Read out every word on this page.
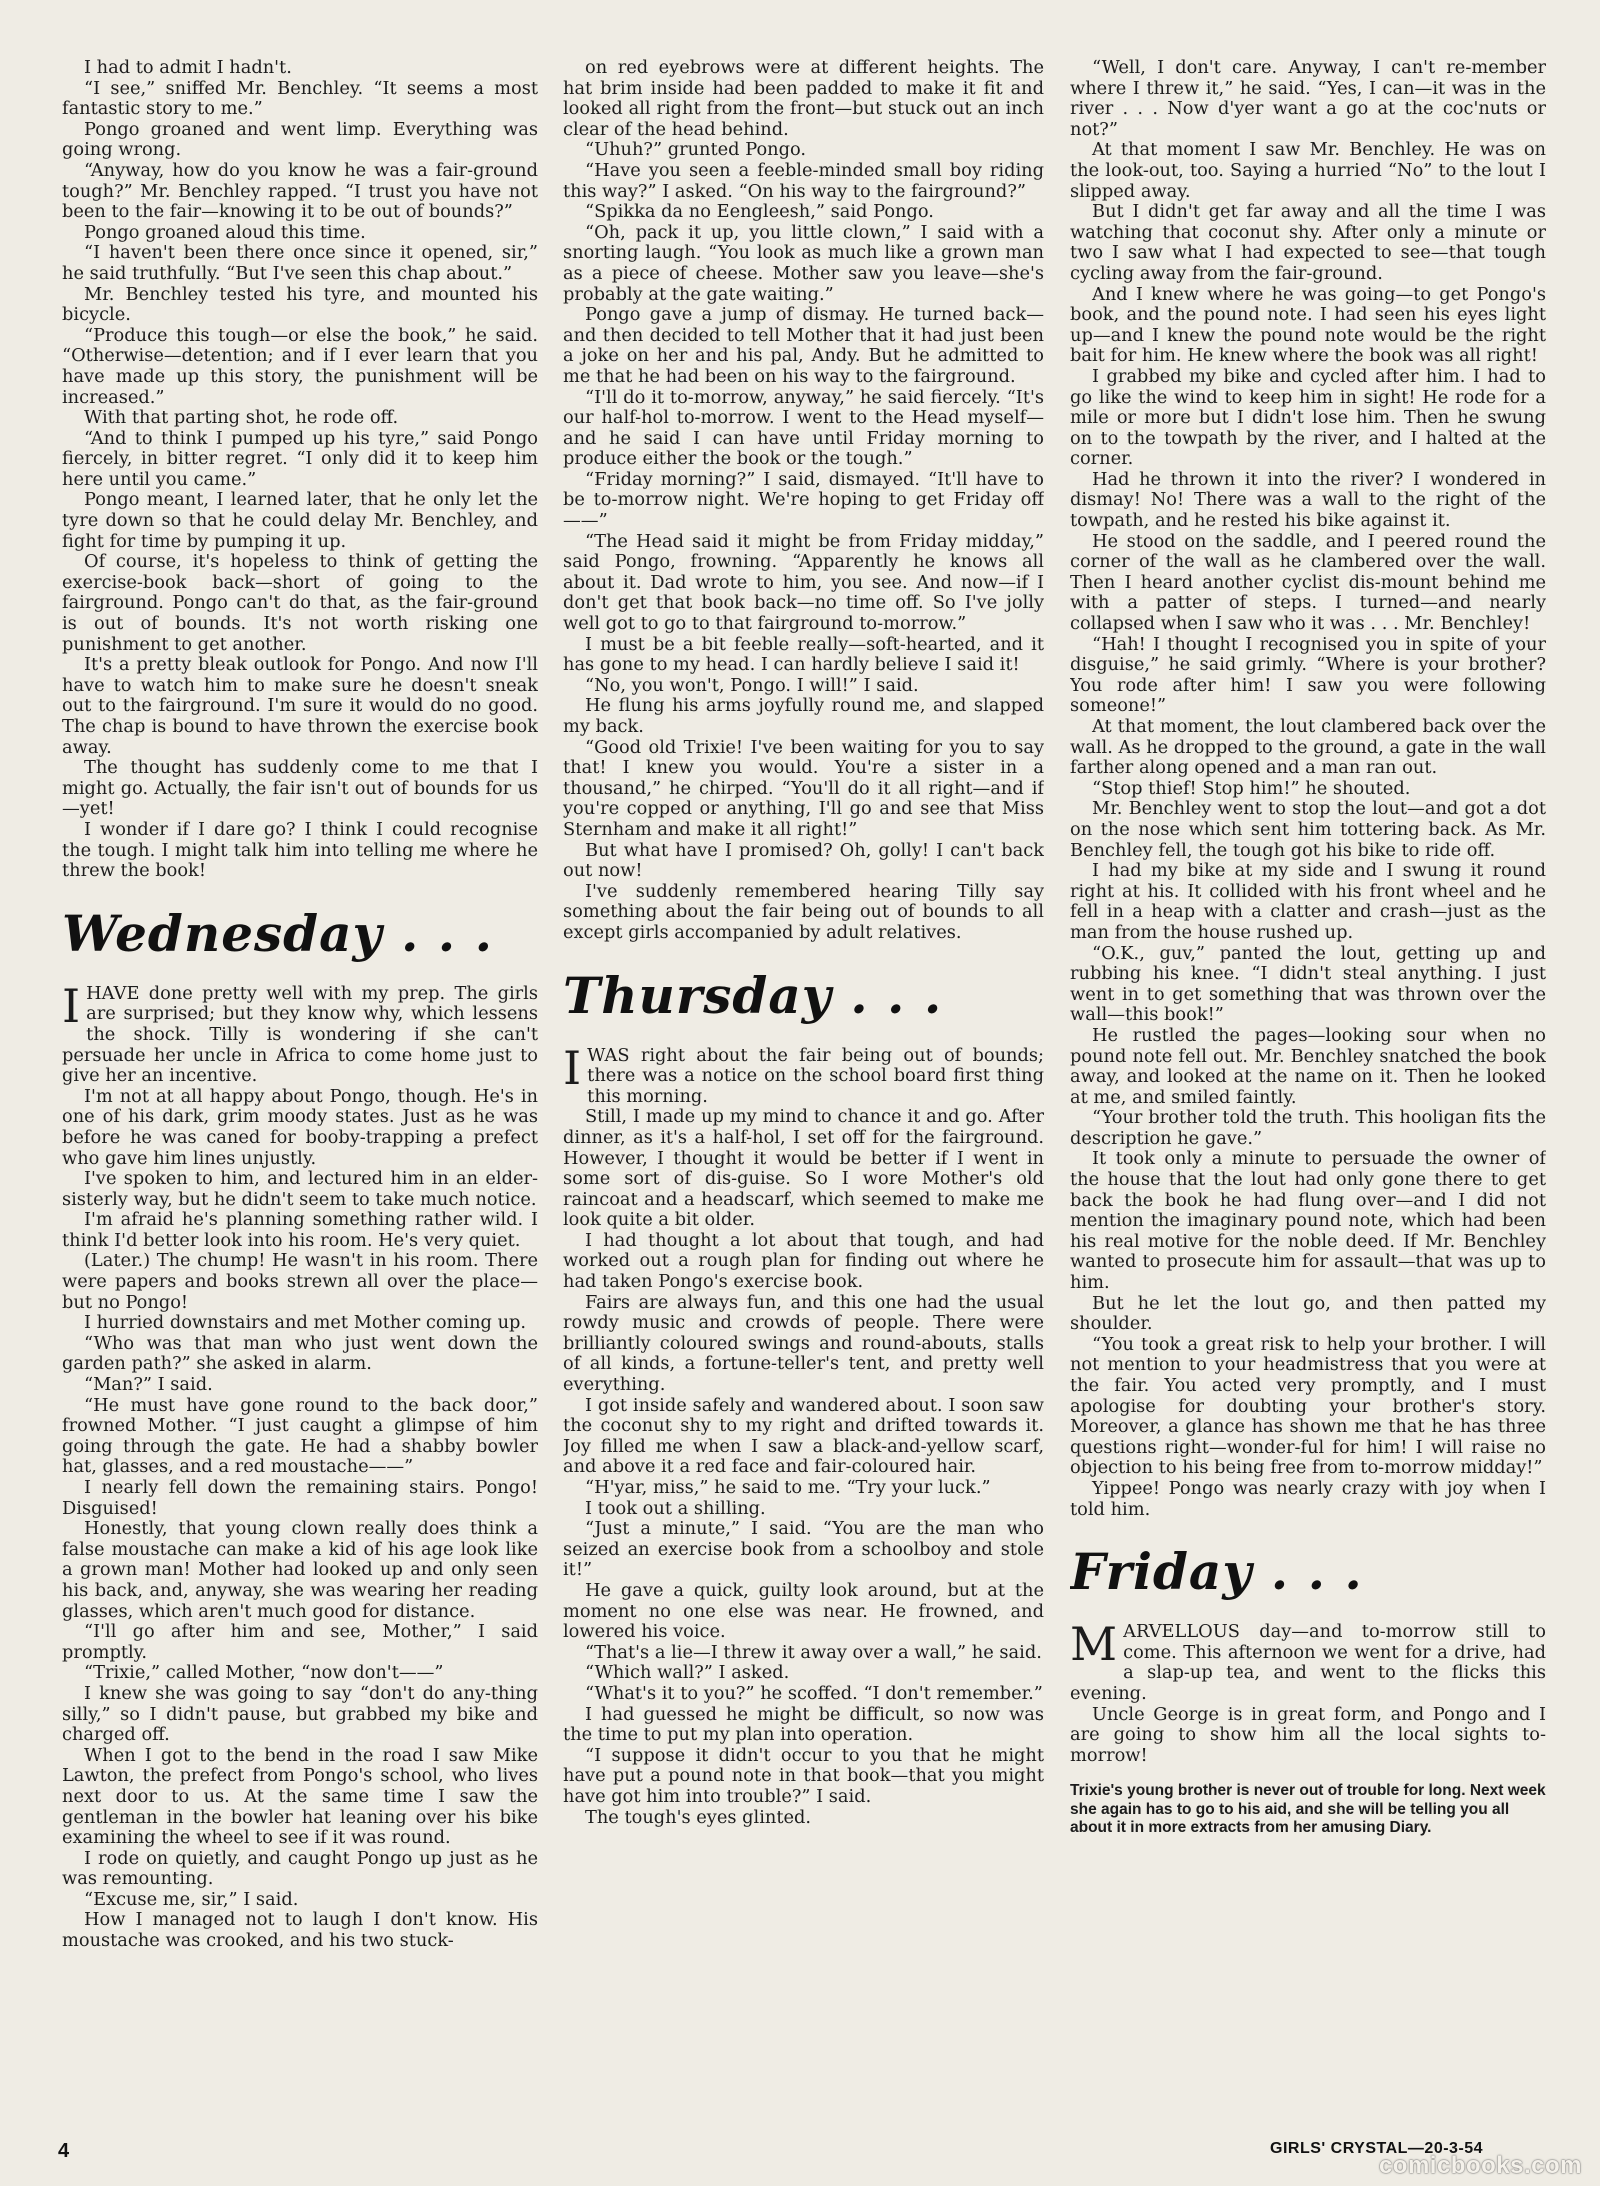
I had to admit I hadn't.

“I see,” sniffed Mr. Benchley. “It seems a most fantastic story to me.”

Pongo groaned and went limp. Everything was going wrong.

“Anyway, how do you know he was a fair-ground tough?” Mr. Benchley rapped. “I trust you have not been to the fair—knowing it to be out of bounds?”

Pongo groaned aloud this time.

“I haven't been there once since it opened, sir,” he said truthfully. “But I've seen this chap about.”

Mr. Benchley tested his tyre, and mounted his bicycle.

“Produce this tough—or else the book,” he said. “Otherwise—detention; and if I ever learn that you have made up this story, the punishment will be increased.”

With that parting shot, he rode off.

“And to think I pumped up his tyre,” said Pongo fiercely, in bitter regret. “I only did it to keep him here until you came.”

Pongo meant, I learned later, that he only let the tyre down so that he could delay Mr. Benchley, and fight for time by pumping it up.

Of course, it's hopeless to think of getting the exercise-book back—short of going to the fairground. Pongo can't do that, as the fair-ground is out of bounds. It's not worth risking one punishment to get another.

It's a pretty bleak outlook for Pongo. And now I'll have to watch him to make sure he doesn't sneak out to the fairground. I'm sure it would do no good. The chap is bound to have thrown the exercise book away.

The thought has suddenly come to me that I might go. Actually, the fair isn't out of bounds for us—yet!

I wonder if I dare go? I think I could recognise the tough. I might talk him into telling me where he threw the book!

Wednesday . . .

IHAVE done pretty well with my prep. The girls are surprised; but they know why, which lessens the shock. Tilly is wondering if she can't persuade her uncle in Africa to come home just to give her an incentive.

I'm not at all happy about Pongo, though. He's in one of his dark, grim moody states. Just as he was before he was caned for booby-trapping a prefect who gave him lines unjustly.

I've spoken to him, and lectured him in an elder-sisterly way, but he didn't seem to take much notice.

I'm afraid he's planning something rather wild. I think I'd better look into his room. He's very quiet.

(Later.) The chump! He wasn't in his room. There were papers and books strewn all over the place—but no Pongo!

I hurried downstairs and met Mother coming up.

“Who was that man who just went down the garden path?” she asked in alarm.

“Man?” I said.

“He must have gone round to the back door,” frowned Mother. “I just caught a glimpse of him going through the gate. He had a shabby bowler hat, glasses, and a red moustache——”

I nearly fell down the remaining stairs. Pongo! Disguised!

Honestly, that young clown really does think a false moustache can make a kid of his age look like a grown man! Mother had looked up and only seen his back, and, anyway, she was wearing her reading glasses, which aren't much good for distance.

“I'll go after him and see, Mother,” I said promptly.

“Trixie,” called Mother, “now don't——”

I knew she was going to say “don't do any-thing silly,” so I didn't pause, but grabbed my bike and charged off.

When I got to the bend in the road I saw Mike Lawton, the prefect from Pongo's school, who lives next door to us. At the same time I saw the gentleman in the bowler hat leaning over his bike examining the wheel to see if it was round.

I rode on quietly, and caught Pongo up just as he was remounting.

“Excuse me, sir,” I said.

How I managed not to laugh I don't know. His moustache was crooked, and his two stuck-

on red eyebrows were at different heights. The hat brim inside had been padded to make it fit and looked all right from the front—but stuck out an inch clear of the head behind.

“Uhuh?” grunted Pongo.

“Have you seen a feeble-minded small boy riding this way?” I asked. “On his way to the fairground?”

“Spikka da no Eengleesh,” said Pongo.

“Oh, pack it up, you little clown,” I said with a snorting laugh. “You look as much like a grown man as a piece of cheese. Mother saw you leave—she's probably at the gate waiting.”

Pongo gave a jump of dismay. He turned back—and then decided to tell Mother that it had just been a joke on her and his pal, Andy. But he admitted to me that he had been on his way to the fairground.

“I'll do it to-morrow, anyway,” he said fiercely. “It's our half-hol to-morrow. I went to the Head myself—and he said I can have until Friday morning to produce either the book or the tough.”

“Friday morning?” I said, dismayed. “It'll have to be to-morrow night. We're hoping to get Friday off——”

“The Head said it might be from Friday midday,” said Pongo, frowning. “Apparently he knows all about it. Dad wrote to him, you see. And now—if I don't get that book back—no time off. So I've jolly well got to go to that fairground to-morrow.”

I must be a bit feeble really—soft-hearted, and it has gone to my head. I can hardly believe I said it!

“No, you won't, Pongo. I will!” I said.

He flung his arms joyfully round me, and slapped my back.

“Good old Trixie! I've been waiting for you to say that! I knew you would. You're a sister in a thousand,” he chirped. “You'll do it all right—and if you're copped or anything, I'll go and see that Miss Sternham and make it all right!”

But what have I promised? Oh, golly! I can't back out now!

I've suddenly remembered hearing Tilly say something about the fair being out of bounds to all except girls accompanied by adult relatives.

Thursday . . .

IWAS right about the fair being out of bounds; there was a notice on the school board first thing this morning.

Still, I made up my mind to chance it and go. After dinner, as it's a half-hol, I set off for the fairground. However, I thought it would be better if I went in some sort of dis-guise. So I wore Mother's old raincoat and a headscarf, which seemed to make me look quite a bit older.

I had thought a lot about that tough, and had worked out a rough plan for finding out where he had taken Pongo's exercise book.

Fairs are always fun, and this one had the usual rowdy music and crowds of people. There were brilliantly coloured swings and round-abouts, stalls of all kinds, a fortune-teller's tent, and pretty well everything.

I got inside safely and wandered about. I soon saw the coconut shy to my right and drifted towards it. Joy filled me when I saw a black-and-yellow scarf, and above it a red face and fair-coloured hair.

“H'yar, miss,” he said to me. “Try your luck.”

I took out a shilling.

“Just a minute,” I said. “You are the man who seized an exercise book from a schoolboy and stole it!”

He gave a quick, guilty look around, but at the moment no one else was near. He frowned, and lowered his voice.

“That's a lie—I threw it away over a wall,” he said.

“Which wall?” I asked.

“What's it to you?” he scoffed. “I don't remember.”

I had guessed he might be difficult, so now was the time to put my plan into operation.

“I suppose it didn't occur to you that he might have put a pound note in that book—that you might have got him into trouble?” I said.

The tough's eyes glinted.

“Well, I don't care. Anyway, I can't re-member where I threw it,” he said. “Yes, I can—it was in the river . . . Now d'yer want a go at the coc'nuts or not?”

At that moment I saw Mr. Benchley. He was on the look-out, too. Saying a hurried “No” to the lout I slipped away.

But I didn't get far away and all the time I was watching that coconut shy. After only a minute or two I saw what I had expected to see—that tough cycling away from the fair-ground.

And I knew where he was going—to get Pongo's book, and the pound note. I had seen his eyes light up—and I knew the pound note would be the right bait for him. He knew where the book was all right!

I grabbed my bike and cycled after him. I had to go like the wind to keep him in sight! He rode for a mile or more but I didn't lose him. Then he swung on to the towpath by the river, and I halted at the corner.

Had he thrown it into the river? I wondered in dismay! No! There was a wall to the right of the towpath, and he rested his bike against it.

He stood on the saddle, and I peered round the corner of the wall as he clambered over the wall. Then I heard another cyclist dis-mount behind me with a patter of steps. I turned—and nearly collapsed when I saw who it was . . . Mr. Benchley!

“Hah! I thought I recognised you in spite of your disguise,” he said grimly. “Where is your brother? You rode after him! I saw you were following someone!”

At that moment, the lout clambered back over the wall. As he dropped to the ground, a gate in the wall farther along opened and a man ran out.

“Stop thief! Stop him!” he shouted.

Mr. Benchley went to stop the lout—and got a dot on the nose which sent him tottering back. As Mr. Benchley fell, the tough got his bike to ride off.

I had my bike at my side and I swung it round right at his. It collided with his front wheel and he fell in a heap with a clatter and crash—just as the man from the house rushed up.

“O.K., guv,” panted the lout, getting up and rubbing his knee. “I didn't steal anything. I just went in to get something that was thrown over the wall—this book!”

He rustled the pages—looking sour when no pound note fell out. Mr. Benchley snatched the book away, and looked at the name on it. Then he looked at me, and smiled faintly.

“Your brother told the truth. This hooligan fits the description he gave.”

It took only a minute to persuade the owner of the house that the lout had only gone there to get back the book he had flung over—and I did not mention the imaginary pound note, which had been his real motive for the noble deed. If Mr. Benchley wanted to prosecute him for assault—that was up to him.

But he let the lout go, and then patted my shoulder.

“You took a great risk to help your brother. I will not mention to your headmistress that you were at the fair. You acted very promptly, and I must apologise for doubting your brother's story. Moreover, a glance has shown me that he has three questions right—wonder-ful for him! I will raise no objection to his being free from to-morrow midday!”

Yippee! Pongo was nearly crazy with joy when I told him.

Friday . . .

MARVELLOUS day—and to-morrow still to come. This afternoon we went for a drive, had a slap-up tea, and went to the flicks this evening.

Uncle George is in great form, and Pongo and I are going to show him all the local sights to-morrow!

Trixie's young brother is never out of trouble for long. Next week she again has to go to his aid, and she will be telling you all about it in more extracts from her amusing Diary.
4	GIRLS' CRYSTAL—20-3-54
comicbooks.com
